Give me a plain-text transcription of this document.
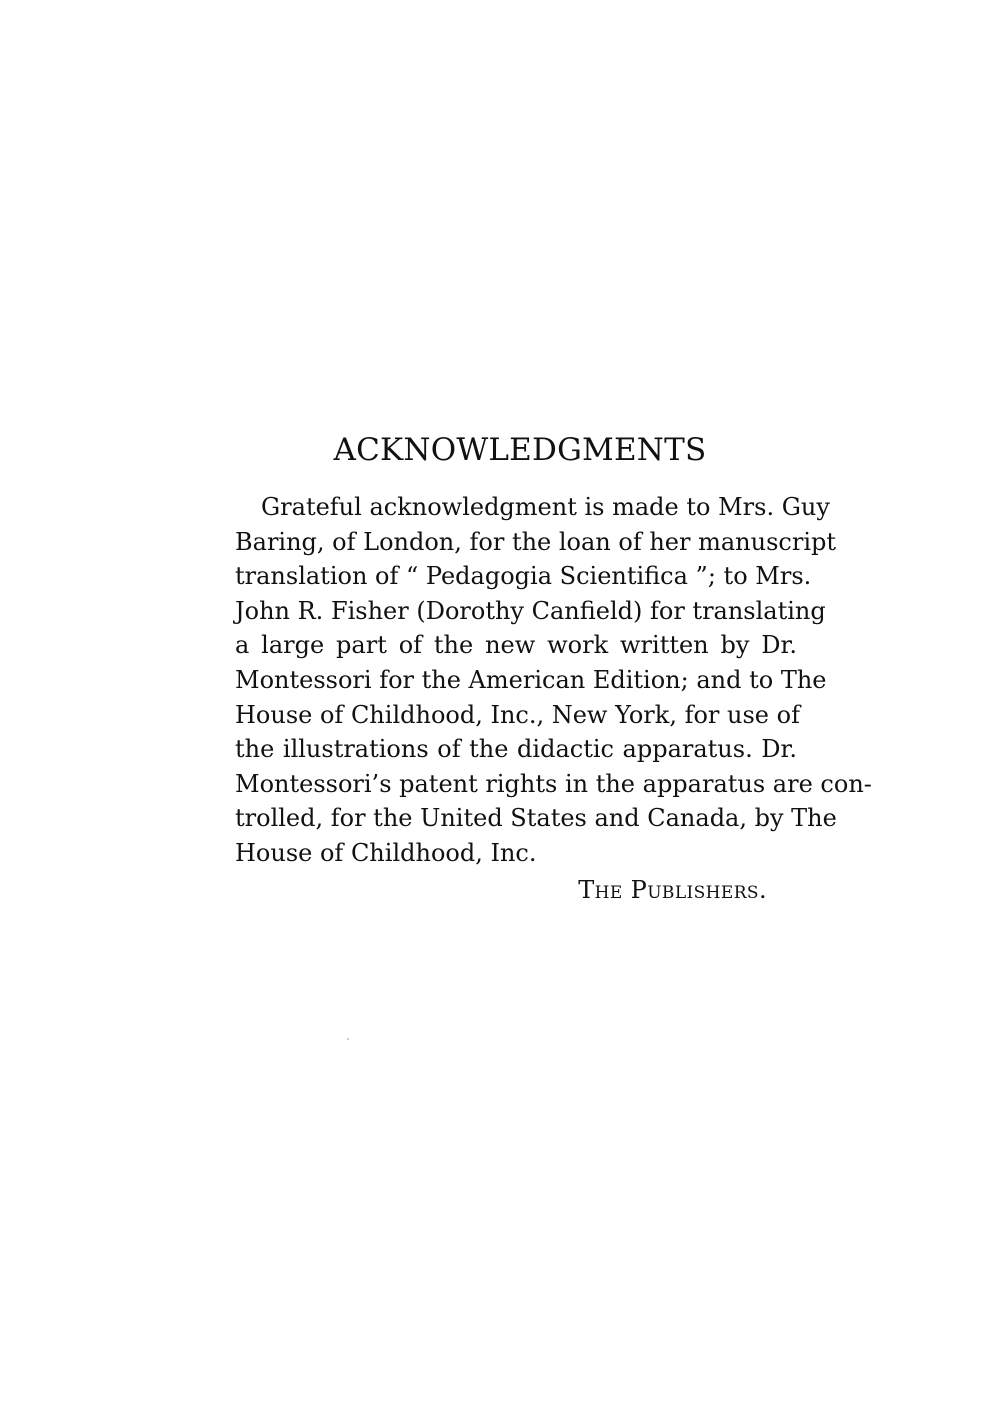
ACKNOWLEDGMENTS
Grateful acknowledgment is made to Mrs. Guy
Baring, of London, for the loan of her manuscript
translation of “ Pedagogia Scientifica ”; to Mrs.
John R. Fisher (Dorothy Canfield) for translating
a large part of the new work written by Dr.
Montessori for the American Edition; and to The
House of Childhood, Inc., New York, for use of
the illustrations of the didactic apparatus. Dr.
Montessori’s patent rights in the apparatus are con-
trolled, for the United States and Canada, by The
House of Childhood, Inc.
The Publishers.
